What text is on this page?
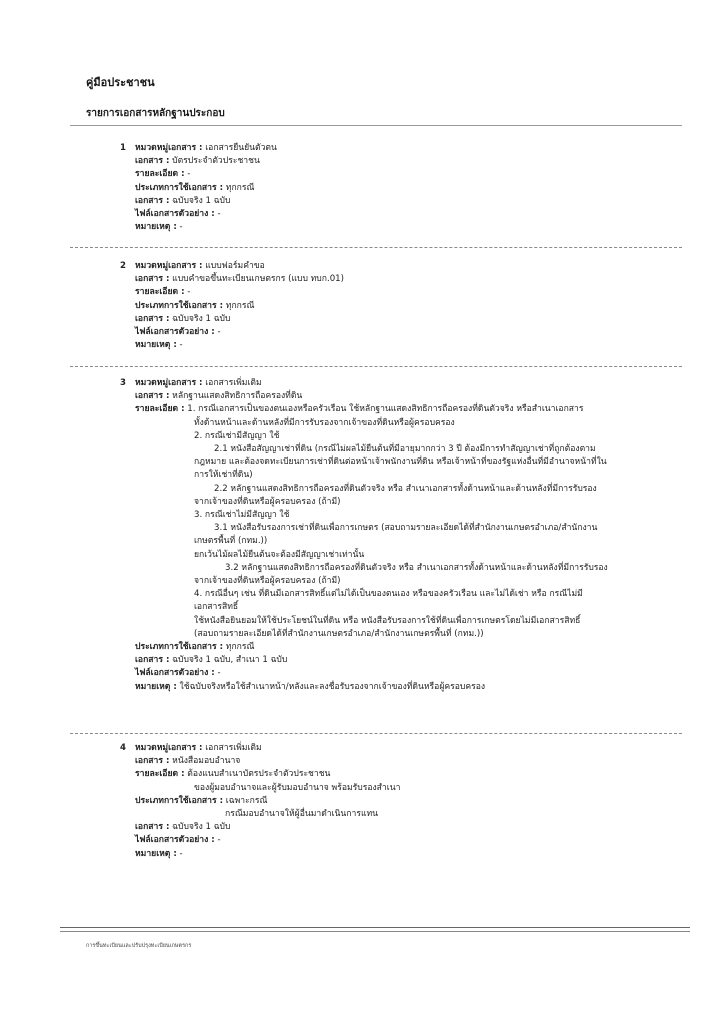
คู่มือประชาชน
รายการเอกสารหลักฐานประกอบ
1	หมวดหมู่เอกสาร : เอกสารยืนยันตัวตน
เอกสาร : บัตรประจำตัวประชาชน
รายละเอียด : -
ประเภทการใช้เอกสาร : ทุกกรณี
เอกสาร : ฉบับจริง 1 ฉบับ
ไฟล์เอกสารตัวอย่าง : -
หมายเหตุ : -
2	หมวดหมู่เอกสาร : แบบฟอร์มคำขอ
เอกสาร : แบบคำขอขึ้นทะเบียนเกษตรกร (แบบ ทบก.01)
รายละเอียด : -
ประเภทการใช้เอกสาร : ทุกกรณี
เอกสาร : ฉบับจริง 1 ฉบับ
ไฟล์เอกสารตัวอย่าง : -
หมายเหตุ : -
3	หมวดหมู่เอกสาร : เอกสารเพิ่มเติม
เอกสาร : หลักฐานแสดงสิทธิการถือครองที่ดิน
รายละเอียด : 1. กรณีเอกสารเป็นของตนเองหรือครัวเรือน ใช้หลักฐานแสดงสิทธิการถือครองที่ดินตัวจริง หรือสำเนาเอกสาร
ทั้งด้านหน้าและด้านหลังที่มีการรับรองจากเจ้าของที่ดินหรือผู้ครอบครอง
2. กรณีเช่ามีสัญญา ใช้
2.1 หนังสือสัญญาเช่าที่ดิน (กรณีไม่ผลไม้ยืนต้นที่มีอายุมากกว่า 3 ปี ต้องมีการทำสัญญาเช่าที่ถูกต้องตาม
กฎหมาย และต้องจดทะเบียนการเช่าที่ดินต่อหน้าเจ้าพนักงานที่ดิน หรือเจ้าหน้าที่ของรัฐแห่งอื่นที่มีอำนาจหน้าที่ใน
การให้เช่าที่ดิน)
2.2 หลักฐานแสดงสิทธิการถือครองที่ดินตัวจริง หรือ สำเนาเอกสารทั้งด้านหน้าและด้านหลังที่มีการรับรอง
จากเจ้าของที่ดินหรือผู้ครอบครอง (ถ้ามี)
3. กรณีเช่าไม่มีสัญญา ใช้
3.1 หนังสือรับรองการเช่าที่ดินเพื่อการเกษตร (สอบถามรายละเอียดได้ที่สำนักงานเกษตรอำเภอ/สำนักงาน
เกษตรพื้นที่ (กทม.))
ยกเว้นไม้ผลไม้ยืนต้นจะต้องมีสัญญาเช่าเท่านั้น
3.2 หลักฐานแสดงสิทธิการถือครองที่ดินตัวจริง หรือ สำเนาเอกสารทั้งด้านหน้าและด้านหลังที่มีการรับรอง
จากเจ้าของที่ดินหรือผู้ครอบครอง (ถ้ามี)
4. กรณีอื่นๆ เช่น ที่ดินมีเอกสารสิทธิ์แต่ไม่ได้เป็นของตนเอง หรือของครัวเรือน และไม่ได้เช่า หรือ กรณีไม่มี
เอกสารสิทธิ์
ใช้หนังสือยินยอมให้ใช้ประโยชน์ในที่ดิน หรือ หนังสือรับรองการใช้ที่ดินเพื่อการเกษตรโดยไม่มีเอกสารสิทธิ์
(สอบถามรายละเอียดได้ที่สำนักงานเกษตรอำเภอ/สำนักงานเกษตรพื้นที่ (กทม.))
ประเภทการใช้เอกสาร : ทุกกรณี
เอกสาร : ฉบับจริง 1 ฉบับ, สำเนา 1 ฉบับ
ไฟล์เอกสารตัวอย่าง : -
หมายเหตุ : ใช้ฉบับจริงหรือใช้สำเนาหน้า/หลังและลงชื่อรับรองจากเจ้าของที่ดินหรือผู้ครอบครอง
4	หมวดหมู่เอกสาร : เอกสารเพิ่มเติม
เอกสาร : หนังสือมอบอำนาจ
รายละเอียด : ต้องแนบสำเนาบัตรประจำตัวประชาชน
ของผู้มอบอำนาจและผู้รับมอบอำนาจ พร้อมรับรองสำเนา
ประเภทการใช้เอกสาร : เฉพาะกรณี
กรณีมอบอำนาจให้ผู้อื่นมาดำเนินการแทน
เอกสาร : ฉบับจริง 1 ฉบับ
ไฟล์เอกสารตัวอย่าง : -
หมายเหตุ : -
การขึ้นทะเบียนและปรับปรุงทะเบียนเกษตรกร
